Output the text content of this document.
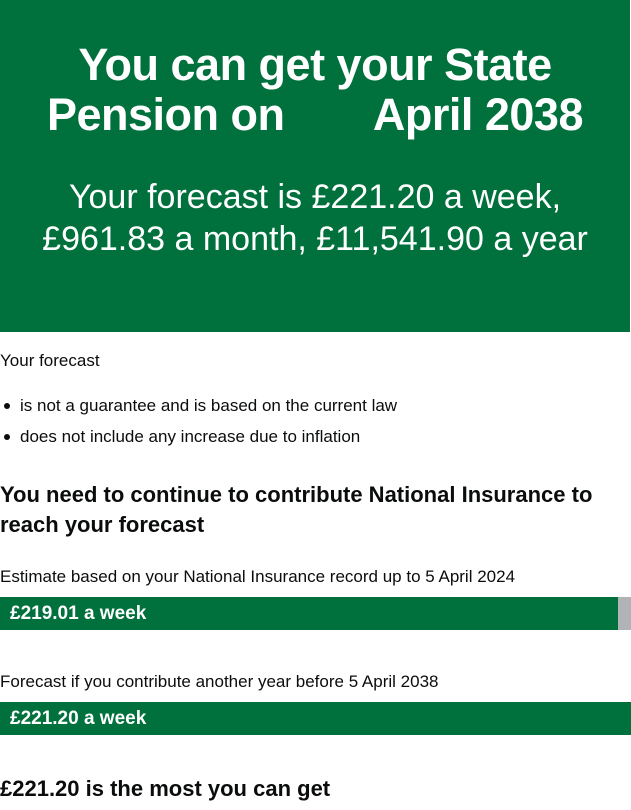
You can get your State
Pension on April 2038

Your forecast is £221.20 a week,
£961.83 a month, £11,541.90 a year

Your forecast

is not a guarantee and is based on the current law
does not include any increase due to inflation
You need to continue to contribute National Insurance to reach your forecast

Estimate based on your National Insurance record up to 5 April 2024

£219.01 a week

Forecast if you contribute another year before 5 April 2038

£221.20 a week
£221.20 is the most you can get
